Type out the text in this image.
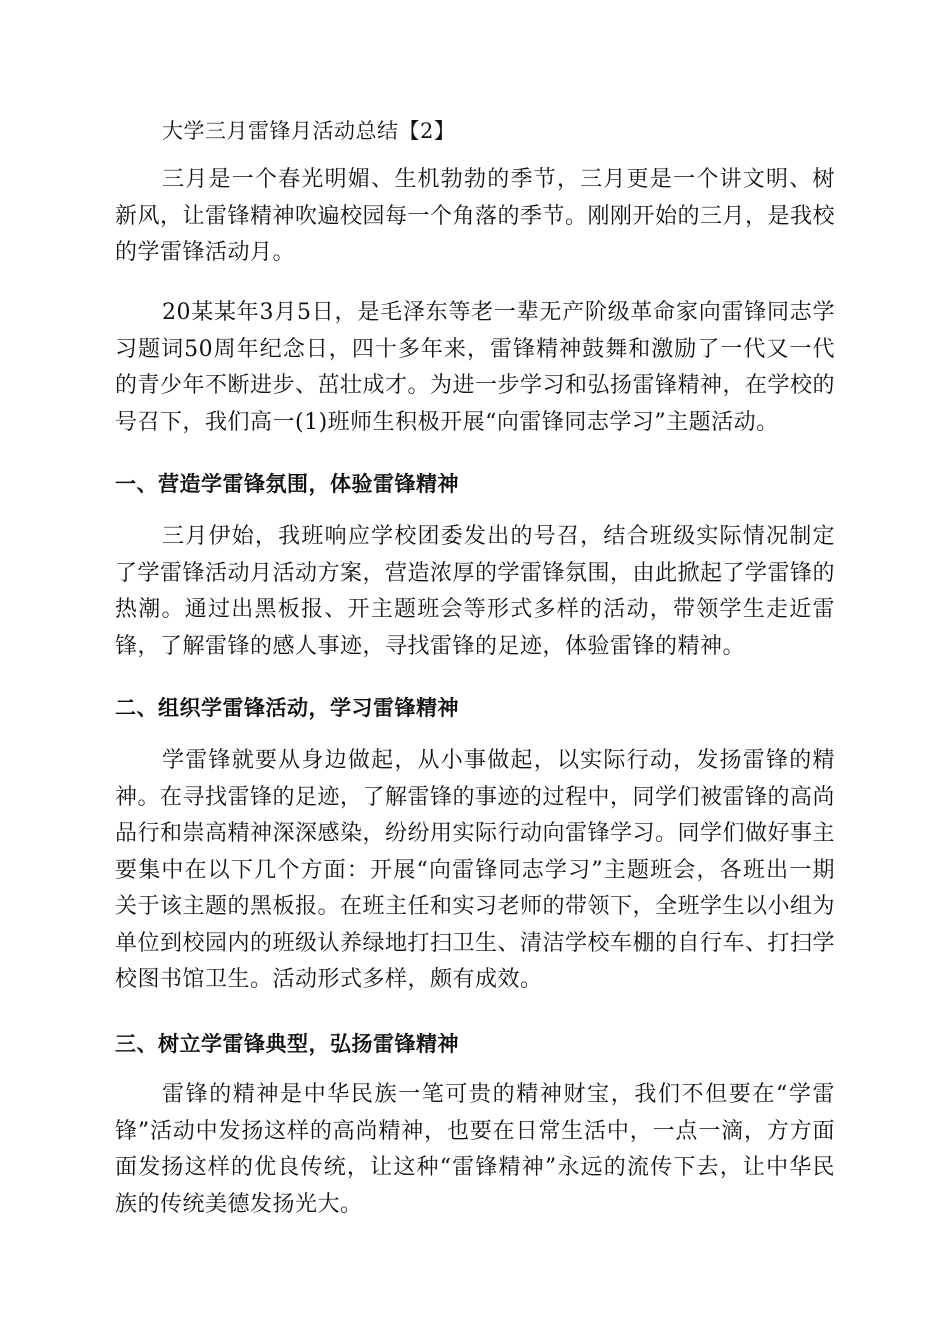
大学三月雷锋月活动总结【2】

三月是一个春光明媚、生机勃勃的季节，三月更是一个讲文明、树新风，让雷锋精神吹遍校园每一个角落的季节。刚刚开始的三月，是我校的学雷锋活动月。

20某某年3月5日，是毛泽东等老一辈无产阶级革命家向雷锋同志学习题词50周年纪念日，四十多年来，雷锋精神鼓舞和激励了一代又一代的青少年不断进步、茁壮成才。为进一步学习和弘扬雷锋精神，在学校的号召下，我们高一(1)班师生积极开展“向雷锋同志学习”主题活动。

一、营造学雷锋氛围，体验雷锋精神

三月伊始，我班响应学校团委发出的号召，结合班级实际情况制定了学雷锋活动月活动方案，营造浓厚的学雷锋氛围，由此掀起了学雷锋的热潮。通过出黑板报、开主题班会等形式多样的活动，带领学生走近雷锋，了解雷锋的感人事迹，寻找雷锋的足迹，体验雷锋的精神。

二、组织学雷锋活动，学习雷锋精神

学雷锋就要从身边做起，从小事做起，以实际行动，发扬雷锋的精神。在寻找雷锋的足迹，了解雷锋的事迹的过程中，同学们被雷锋的高尚品行和崇高精神深深感染，纷纷用实际行动向雷锋学习。同学们做好事主要集中在以下几个方面：开展“向雷锋同志学习”主题班会，各班出一期关于该主题的黑板报。在班主任和实习老师的带领下，全班学生以小组为单位到校园内的班级认养绿地打扫卫生、清洁学校车棚的自行车、打扫学校图书馆卫生。活动形式多样，颇有成效。

三、树立学雷锋典型，弘扬雷锋精神

雷锋的精神是中华民族一笔可贵的精神财宝，我们不但要在“学雷锋”活动中发扬这样的高尚精神，也要在日常生活中，一点一滴，方方面面发扬这样的优良传统，让这种“雷锋精神”永远的流传下去，让中华民族的传统美德发扬光大。
